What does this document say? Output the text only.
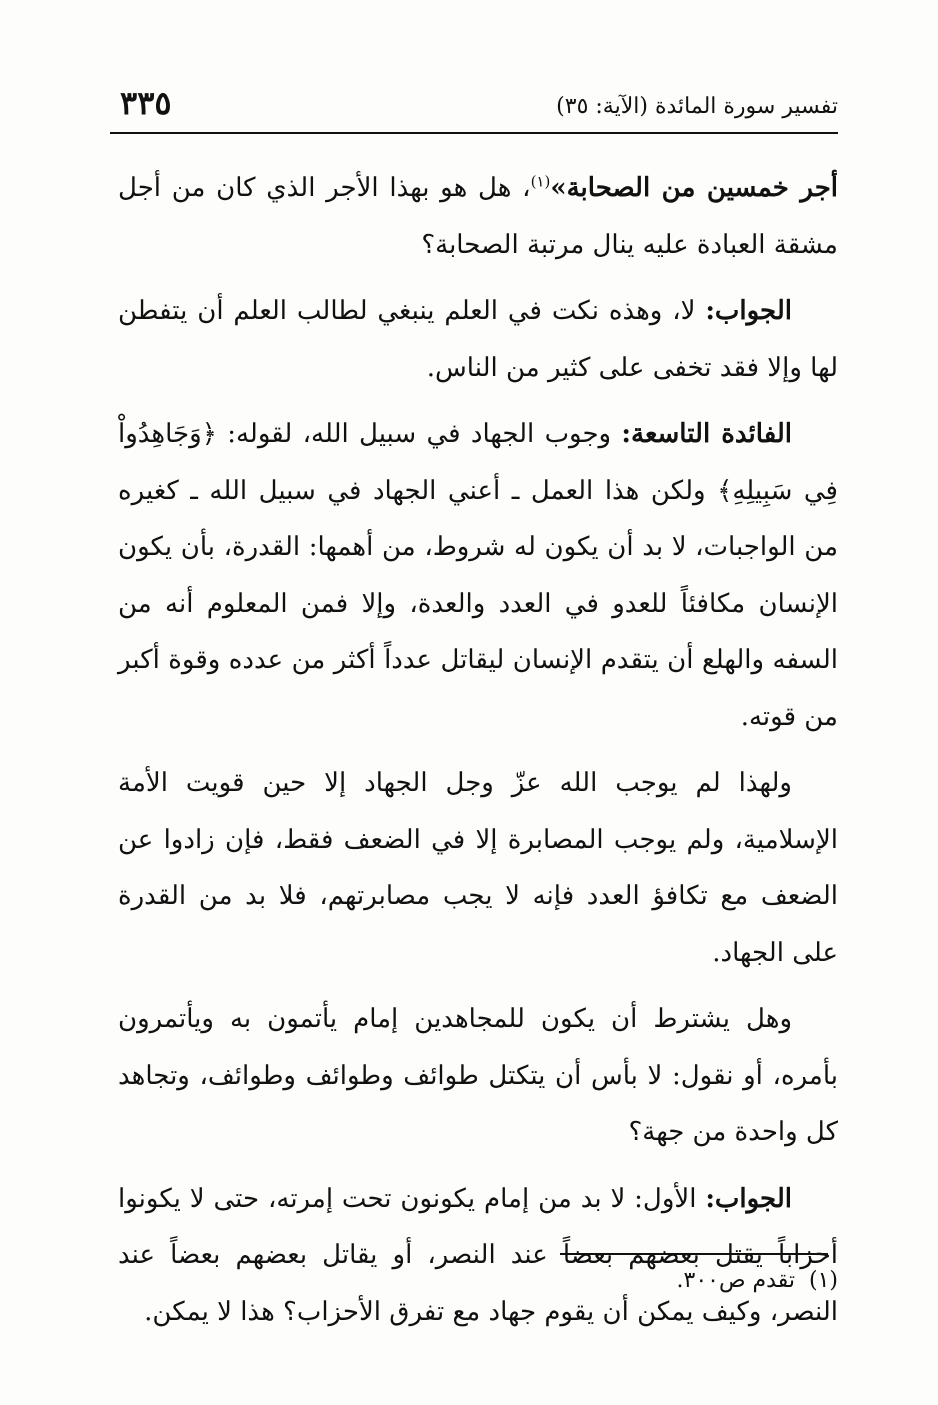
تفسير سورة المائدة (الآية: ٣٥)
٣٣٥

أجر خمسين من الصحابة»$^{(١)}$، هل هو بهذا الأجر الذي كان من أجل مشقة العبادة عليه ينال مرتبة الصحابة؟

الجواب: لا، وهذه نكت في العلم ينبغي لطالب العلم أن يتفطن لها وإلا فقد تخفى على كثير من الناس.

الفائدة التاسعة: وجوب الجهاد في سبيل الله، لقوله: ﴿وَجَاهِدُواْ فِي سَبِيلِهِ﴾ ولكن هذا العمل ـ أعني الجهاد في سبيل الله ـ كغيره من الواجبات، لا بد أن يكون له شروط، من أهمها: القدرة، بأن يكون الإنسان مكافئاً للعدو في العدد والعدة، وإلا فمن المعلوم أنه من السفه والهلع أن يتقدم الإنسان ليقاتل عدداً أكثر من عدده وقوة أكبر من قوته.

ولهذا لم يوجب الله عزّ وجل الجهاد إلا حين قويت الأمة الإسلامية، ولم يوجب المصابرة إلا في الضعف فقط، فإن زادوا عن الضعف مع تكافؤ العدد فإنه لا يجب مصابرتهم، فلا بد من القدرة على الجهاد.

وهل يشترط أن يكون للمجاهدين إمام يأتمون به ويأتمرون بأمره، أو نقول: لا بأس أن يتكتل طوائف وطوائف وطوائف، وتجاهد كل واحدة من جهة؟

الجواب: الأول: لا بد من إمام يكونون تحت إمرته، حتى لا يكونوا أحزاباً يقتل بعضهم بعضاً عند النصر، أو يقاتل بعضهم بعضاً عند النصر، وكيف يمكن أن يقوم جهاد مع تفرق الأحزاب؟ هذا لا يمكن.

(١)تقدم ص٣٠٠.
